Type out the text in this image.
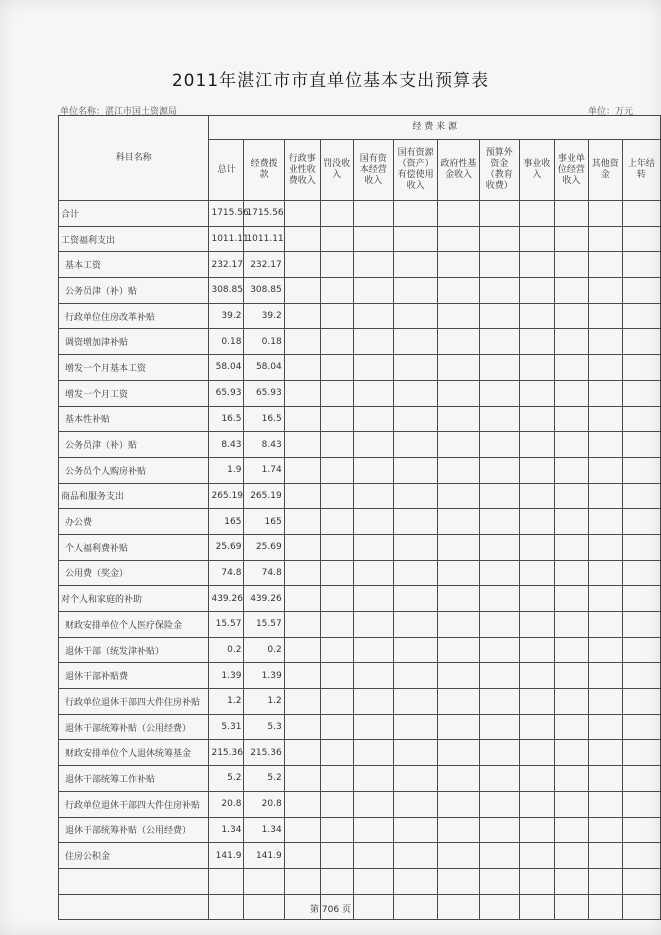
2011年湛江市市直单位基本支出预算表
单位名称：湛江市国土资源局	单位：万元
科目名称	经 费 来 源											
	总计	经费拨款	行政事业性收费收入	罚没收入	国有资本经营收入	国有资源（资产）有偿使用收入	政府性基金收入	预算外资金（教育收费）	事业收入	事业单位经营收入	其他资金	上年结转
合计	1715.56	1715.56										
工资福利支出	1011.11	1011.11										
基本工资	232.17	232.17										
公务员津（补）贴	308.85	308.85										
行政单位住房改革补贴	39.2	39.2										
调资增加津补贴	0.18	0.18										
增发一个月基本工资	58.04	58.04										
增发一个月工资	65.93	65.93										
基本性补贴	16.5	16.5										
公务员津（补）贴	8.43	8.43										
公务员个人购房补贴	1.9	1.74										
商品和服务支出	265.19	265.19										
办公费	165	165										
个人福利费补贴	25.69	25.69										
公用费（奖金）	74.8	74.8										
对个人和家庭的补助	439.26	439.26										
财政安排单位个人医疗保险金	15.57	15.57										
退休干部（统发津补贴）	0.2	0.2										
退休干部补贴费	1.39	1.39										
行政单位退休干部四大件住房补贴	1.2	1.2										
退休干部统筹补贴（公用经费）	5.31	5.3										
财政安排单位个人退休统筹基金	215.36	215.36										
退休干部统筹工作补贴	5.2	5.2										
行政单位退休干部四大件住房补贴	20.8	20.8										
退休干部统筹补贴（公用经费）	1.34	1.34										
住房公积金	141.9	141.9										

第 706 页
